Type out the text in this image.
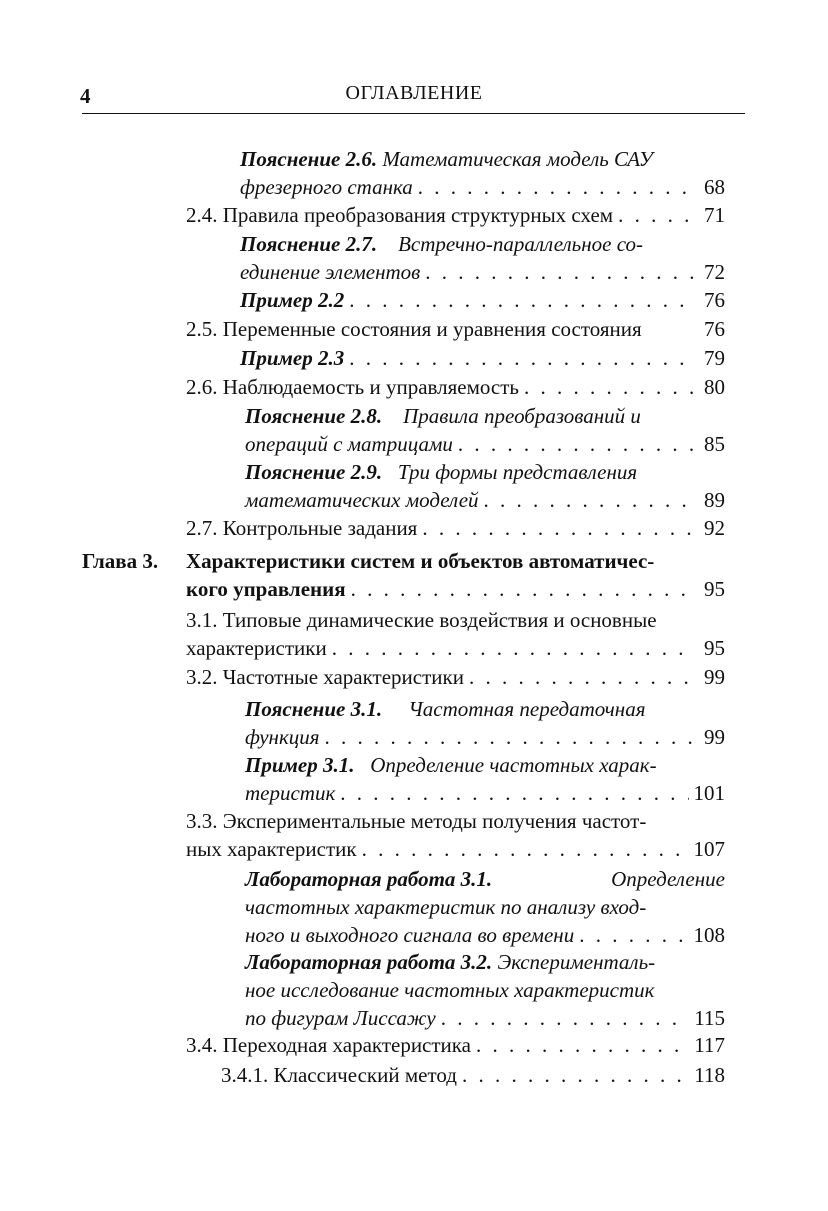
4	ОГЛАВЛЕНИЕ
Пояснение 2.6.
Математическая модель САУ
фрезерного станка . . .	68
2.4. Правила преобразования структурных схем . . .	71
Пояснение 2.7.
Встречно-параллельное со-
единение элементов . . .	72
Пример 2.2 . . .	76
2.5. Переменные состояния и уравнения состояния	76
Пример 2.3 . . .	79
2.6. Наблюдаемость и управляемость . . .	80
Пояснение 2.8.
Правила преобразований и
операций с матрицами . . .	85
Пояснение 2.9.
Три формы представления
математических моделей . . .	89
2.7. Контрольные задания . . .	92
Глава 3. Характеристики систем и объектов автоматичес-
кого управления . . .	95
3.1. Типовые динамические воздействия и основные
характеристики . . .	95
3.2. Частотные характеристики . . .	99
Пояснение 3.1.
Частотная передаточная
функция . . .	99
Пример 3.1.
Определение частотных харак-
теристик . . .	101
3.3. Экспериментальные методы получения частот-
ных характеристик . . .	107
Лабораторная работа 3.1.	Определение
частотных характеристик по анализу вход-
ного и выходного сигнала во времени . . .	108
Лабораторная работа 3.2.
Эксперименталь-
ное исследование частотных характеристик
по фигурам Лиссажу . . .	115
3.4. Переходная характеристика . . .	117
3.4.1. Классический метод . . .	118
